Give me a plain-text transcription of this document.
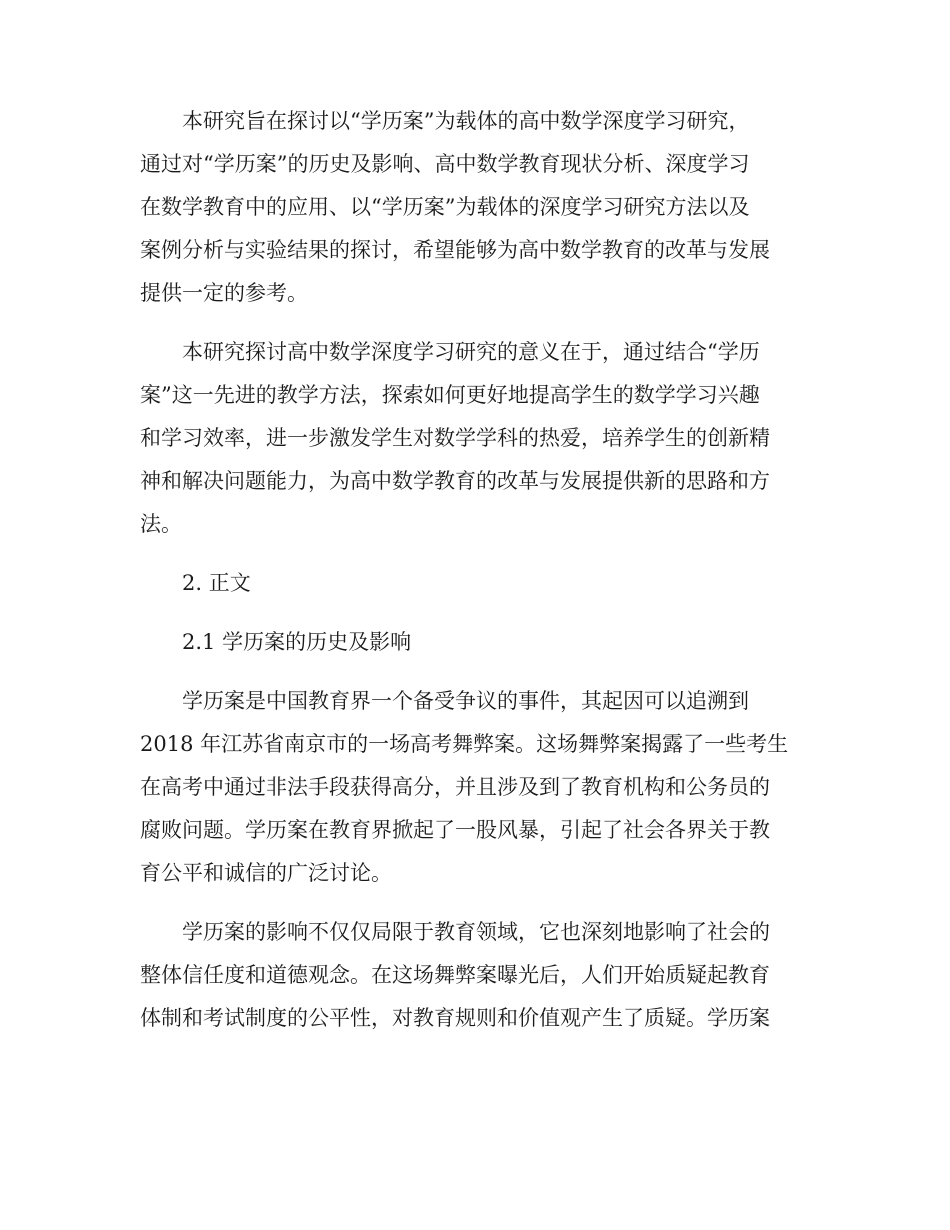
本研究旨在探讨以“学历案”为载体的高中数学深度学习研究，
通过对“学历案”的历史及影响、高中数学教育现状分析、深度学习
在数学教育中的应用、以“学历案”为载体的深度学习研究方法以及
案例分析与实验结果的探讨，希望能够为高中数学教育的改革与发展
提供一定的参考。
本研究探讨高中数学深度学习研究的意义在于，通过结合“学历
案”这一先进的教学方法，探索如何更好地提高学生的数学学习兴趣
和学习效率，进一步激发学生对数学学科的热爱，培养学生的创新精
神和解决问题能力，为高中数学教育的改革与发展提供新的思路和方
法。
2. 正文
2.1 学历案的历史及影响
学历案是中国教育界一个备受争议的事件，其起因可以追溯到
2018 年江苏省南京市的一场高考舞弊案。这场舞弊案揭露了一些考生
在高考中通过非法手段获得高分，并且涉及到了教育机构和公务员的
腐败问题。学历案在教育界掀起了一股风暴，引起了社会各界关于教
育公平和诚信的广泛讨论。
学历案的影响不仅仅局限于教育领域，它也深刻地影响了社会的
整体信任度和道德观念。在这场舞弊案曝光后，人们开始质疑起教育
体制和考试制度的公平性，对教育规则和价值观产生了质疑。学历案
